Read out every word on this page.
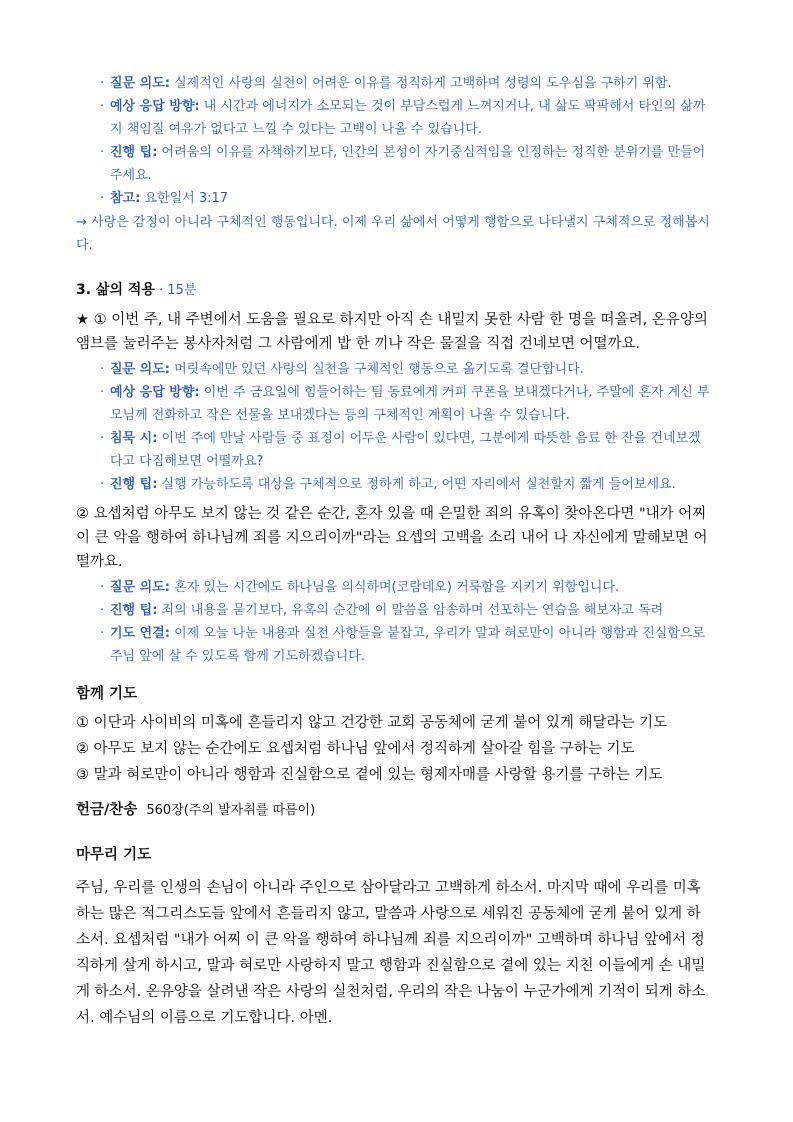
· 질문 의도: 실제적인 사랑의 실천이 어려운 이유를 정직하게 고백하며 성령의 도우심을 구하기 위함.
· 예상 응답 방향: 내 시간과 에너지가 소모되는 것이 부담스럽게 느껴지거나, 내 삶도 팍팍해서 타인의 삶까지 책임질 여유가 없다고 느낄 수 있다는 고백이 나올 수 있습니다.
· 진행 팁: 어려움의 이유를 자책하기보다, 인간의 본성이 자기중심적임을 인정하는 정직한 분위기를 만들어주세요.
· 참고: 요한일서 3:17
→ 사랑은 감정이 아니라 구체적인 행동입니다. 이제 우리 삶에서 어떻게 행함으로 나타낼지 구체적으로 정해봅시다.
3. 삶의 적용 · 15분

★ ① 이번 주, 내 주변에서 도움을 필요로 하지만 아직 손 내밀지 못한 사람 한 명을 떠올려, 온유양의 앰브를 눌러주는 봉사자처럼 그 사람에게 밥 한 끼나 작은 물질을 직접 건네보면 어떨까요.

· 질문 의도: 머릿속에만 있던 사랑의 실천을 구체적인 행동으로 옮기도록 결단합니다.
· 예상 응답 방향: 이번 주 금요일에 힘들어하는 팀 동료에게 커피 쿠폰을 보내겠다거나, 주말에 혼자 계신 부모님께 전화하고 작은 선물을 보내겠다는 등의 구체적인 계획이 나올 수 있습니다.
· 침묵 시: 이번 주에 만날 사람들 중 표정이 어두운 사람이 있다면, 그분에게 따뜻한 음료 한 잔을 건네보겠다고 다짐해보면 어떨까요?
· 진행 팁: 실행 가능하도록 대상을 구체적으로 정하게 하고, 어떤 자리에서 실천할지 짧게 들어보세요.

② 요셉처럼 아무도 보지 않는 것 같은 순간, 혼자 있을 때 은밀한 죄의 유혹이 찾아온다면 "내가 어찌 이 큰 악을 행하여 하나님께 죄를 지으리이까"라는 요셉의 고백을 소리 내어 나 자신에게 말해보면 어떨까요.

· 질문 의도: 혼자 있는 시간에도 하나님을 의식하며(코람데오) 거룩함을 지키기 위함입니다.
· 진행 팁: 죄의 내용을 묻기보다, 유혹의 순간에 이 말씀을 암송하며 선포하는 연습을 해보자고 독려
· 기도 연결: 이제 오늘 나눈 내용과 실천 사항들을 붙잡고, 우리가 말과 혀로만이 아니라 행함과 진실함으로 주님 앞에 살 수 있도록 함께 기도하겠습니다.
함께 기도

① 이단과 사이비의 미혹에 흔들리지 않고 건강한 교회 공동체에 굳게 붙어 있게 해달라는 기도

② 아무도 보지 않는 순간에도 요셉처럼 하나님 앞에서 정직하게 살아갈 힘을 구하는 기도

③ 말과 혀로만이 아니라 행함과 진실함으로 곁에 있는 형제자매를 사랑할 용기를 구하는 기도

헌금/찬송 560장(주의 발자취를 따름이)
마무리 기도

주님, 우리를 인생의 손님이 아니라 주인으로 삼아달라고 고백하게 하소서. 마지막 때에 우리를 미혹하는 많은 적그리스도들 앞에서 흔들리지 않고, 말씀과 사랑으로 세워진 공동체에 굳게 붙어 있게 하소서. 요셉처럼 "내가 어찌 이 큰 악을 행하여 하나님께 죄를 지으리이까" 고백하며 하나님 앞에서 정직하게 살게 하시고, 말과 혀로만 사랑하지 말고 행함과 진실함으로 곁에 있는 지친 이들에게 손 내밀게 하소서. 온유양을 살려낸 작은 사랑의 실천처럼, 우리의 작은 나눔이 누군가에게 기적이 되게 하소서. 예수님의 이름으로 기도합니다. 아멘.
